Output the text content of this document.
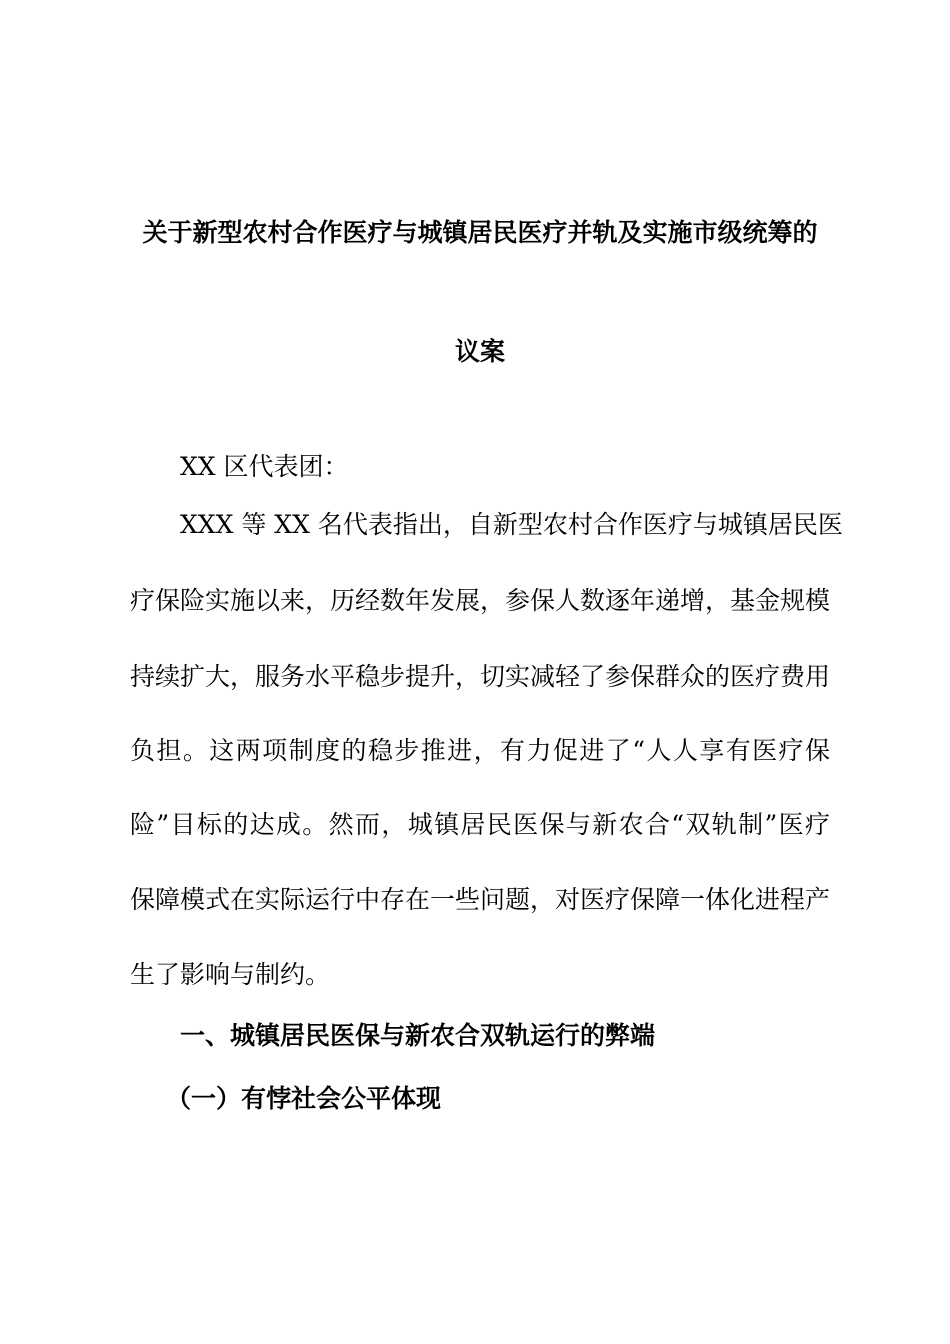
关于新型农村合作医疗与城镇居民医疗并轨及实施市级统筹的
议案
XX 区代表团：
XXX 等 XX 名代表指出，自新型农村合作医疗与城镇居民医
疗保险实施以来，历经数年发展，参保人数逐年递增，基金规模
持续扩大，服务水平稳步提升，切实减轻了参保群众的医疗费用
负担。这两项制度的稳步推进，有力促进了“人人享有医疗保
险”目标的达成。然而，城镇居民医保与新农合“双轨制”医疗
保障模式在实际运行中存在一些问题，对医疗保障一体化进程产
生了影响与制约。
一、城镇居民医保与新农合双轨运行的弊端
（一）有悖社会公平体现
